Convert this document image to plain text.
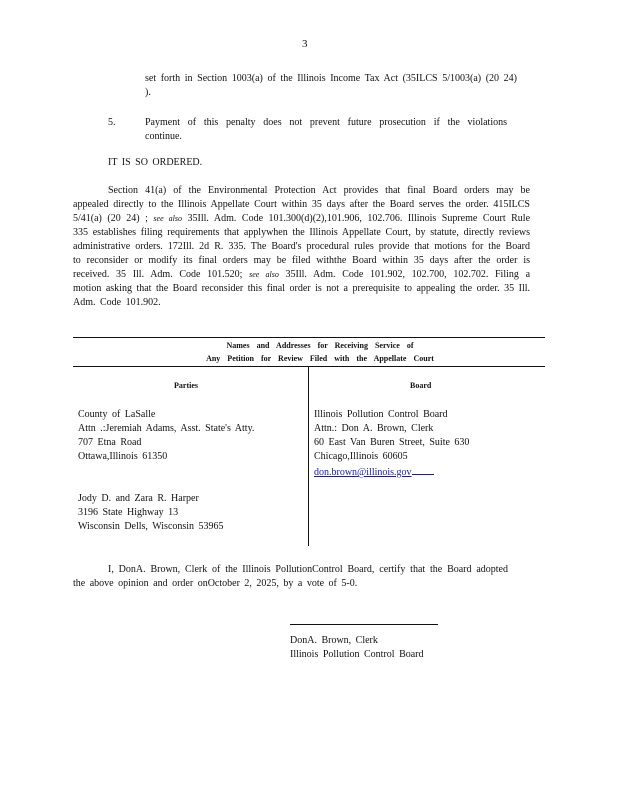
3
set forth in Section 1003(a) of the Illinois Income Tax Act (35ILCS 5/1003(a) (20 24) ).
5.	Payment of this penalty does not prevent future prosecution if the violations continue.
IT IS SO ORDERED.
Section 41(a) of the Environmental Protection Act provides that final Board orders may be appealed directly to the Illinois Appellate Court within 35 days after the Board serves the order. 415ILCS 5/41(a) (20 24) ; see also 35Ill. Adm. Code 101.300(d)(2),101.906, 102.706. Illinois Supreme Court Rule 335 establishes filing requirements that applywhen the Illinois Appellate Court, by statute, directly reviews administrative orders. 172Ill. 2d R. 335. The Board's procedural rules provide that motions for the Board to reconsider or modify its final orders may be filed withthe Board within 35 days after the order is received. 35 Ill. Adm. Code 101.520; see also 35Ill. Adm. Code 101.902, 102.700, 102.702. Filing a motion asking that the Board reconsider this final order is not a prerequisite to appealing the order. 35 Ill. Adm. Code 101.902.
Names and Addresses for Receiving Service of
Any Petition for Review Filed with the Appellate Court
Parties	Board
County of LaSalle
Attn .:Jeremiah Adams, Asst. State's Atty.
707 Etna Road
Ottawa,Illinois 61350
Jody D. and Zara R. Harper
3196 State Highway 13
Wisconsin Dells, Wisconsin 53965
Illinois Pollution Control Board
Attn.: Don A. Brown, Clerk
60 East Van Buren Street, Suite 630
Chicago,Illinois 60605
don.brown@illinois.gov
I, DonA. Brown, Clerk of the Illinois PollutionControl Board, certify that the Board adopted the above opinion and order onOctober 2, 2025, by a vote of 5-0.
DonA. Brown, Clerk
Illinois Pollution Control Board
